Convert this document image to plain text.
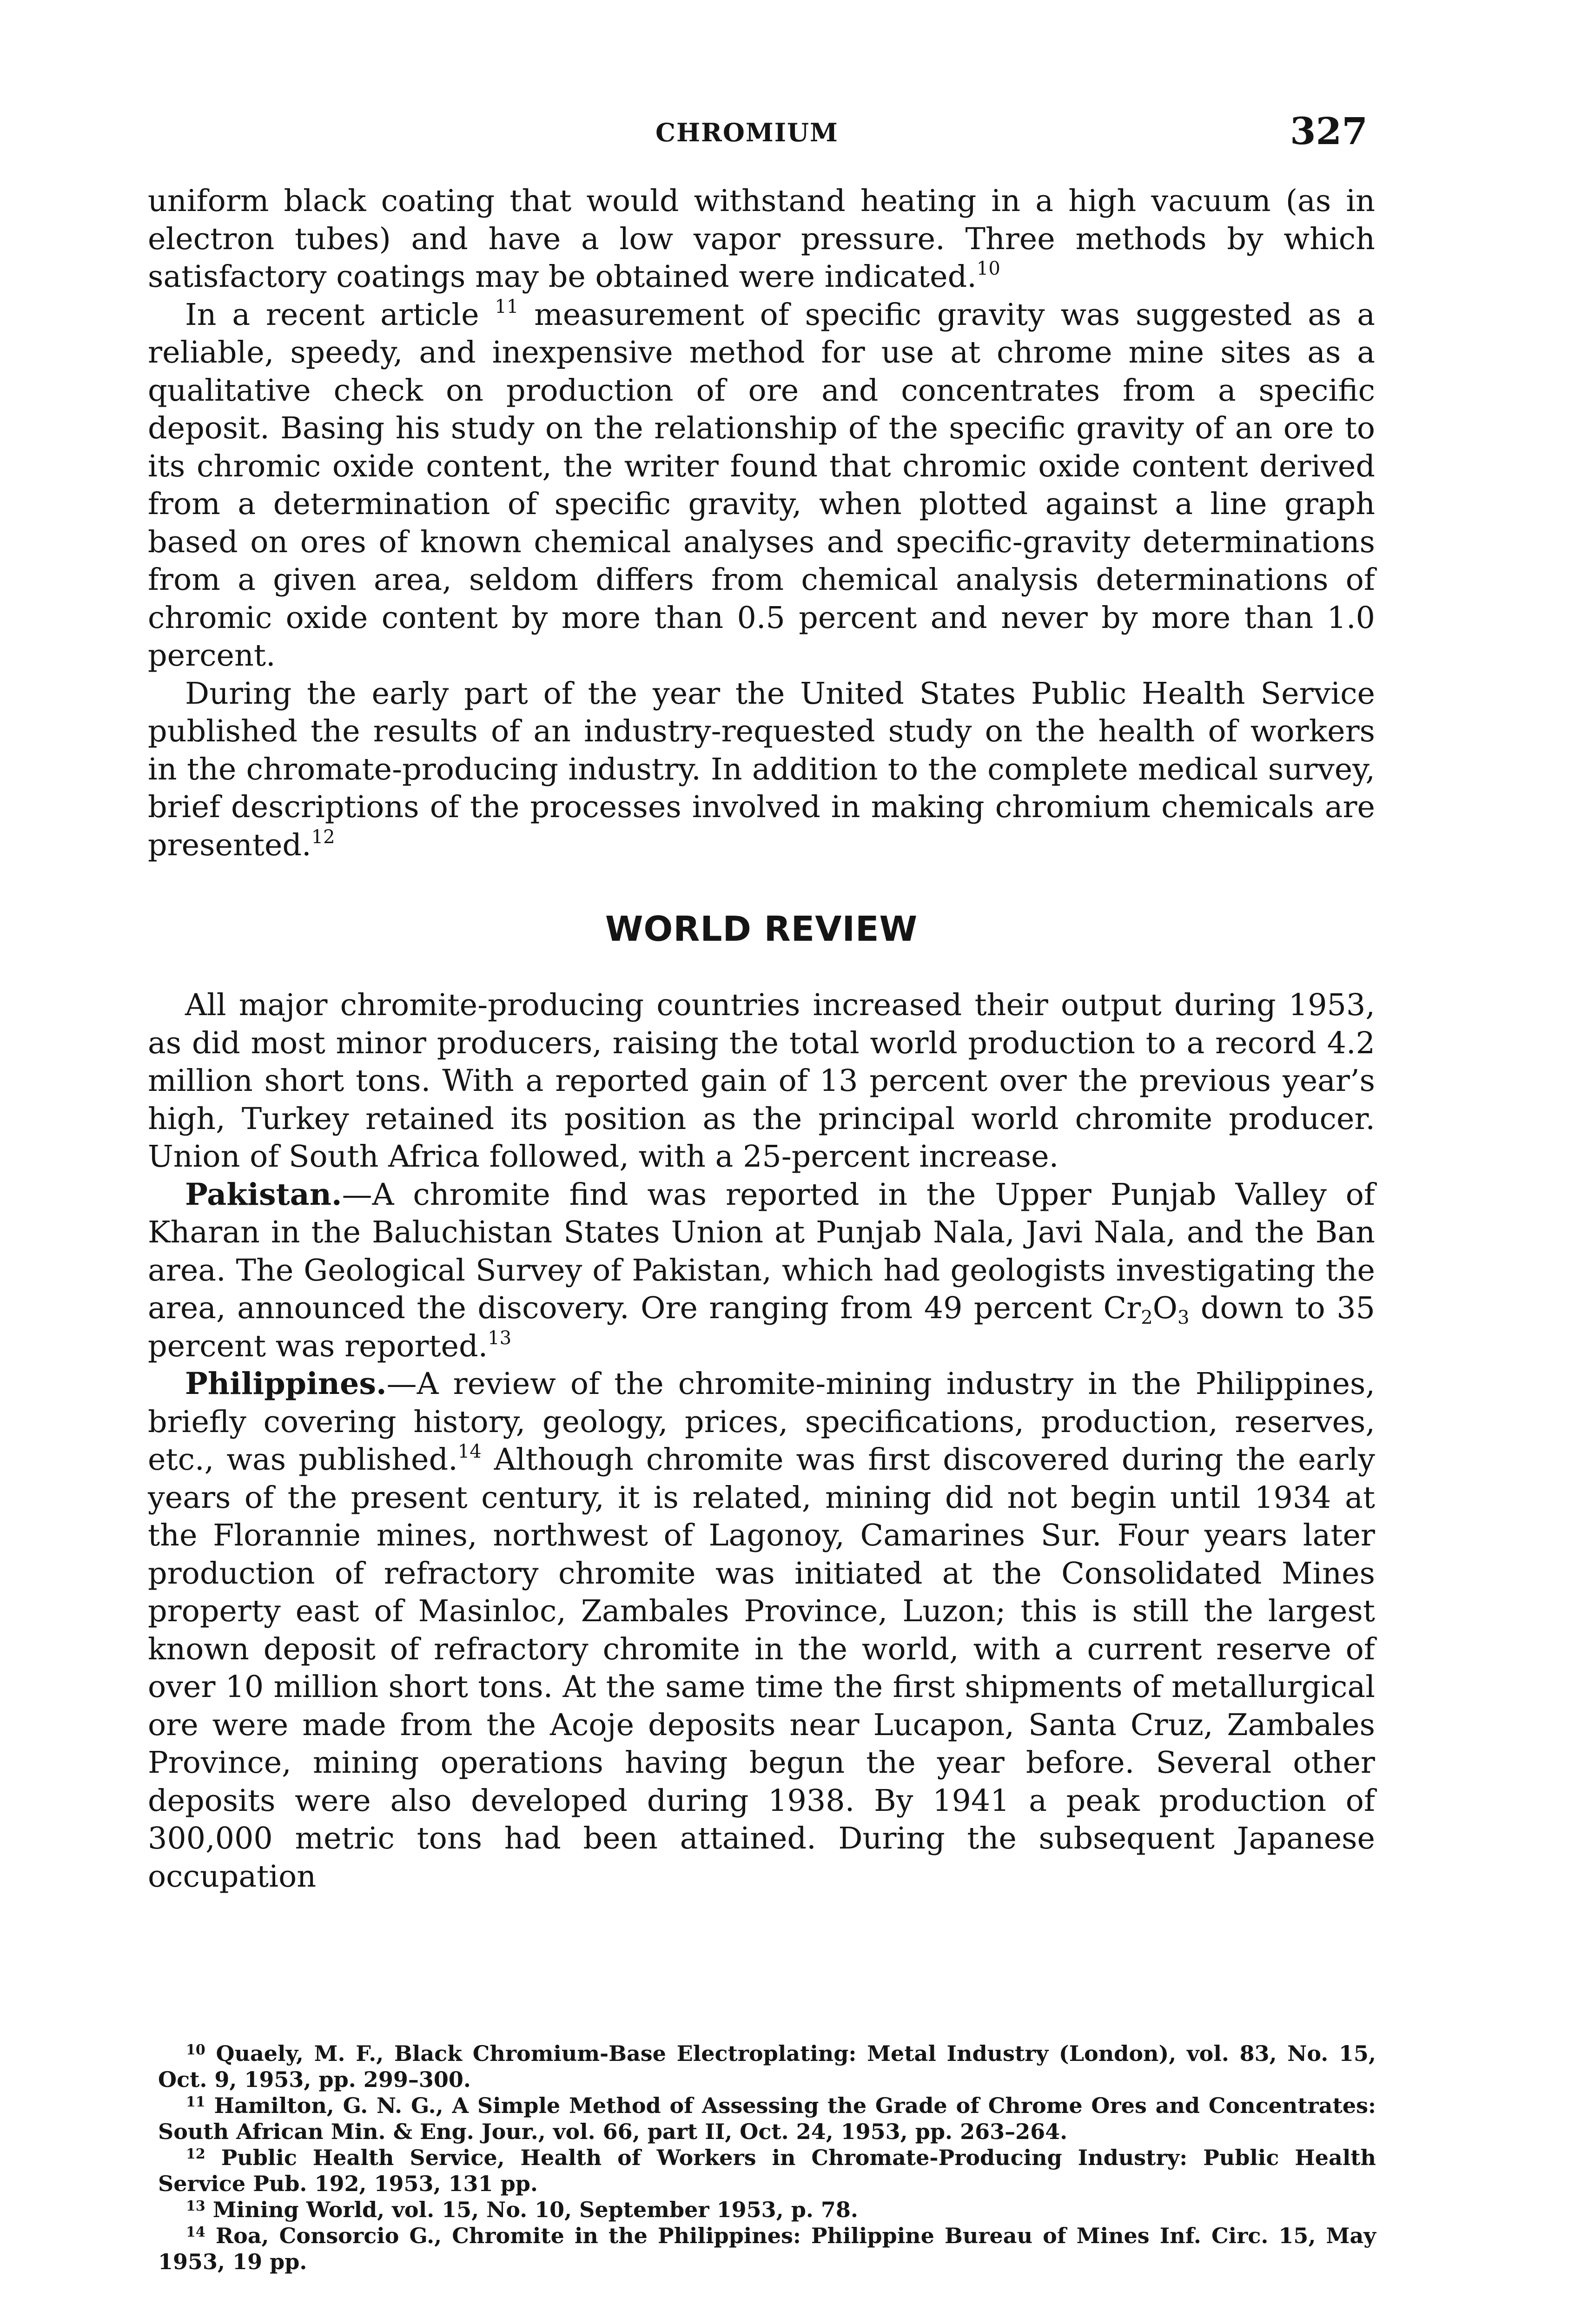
CHROMIUM	327

uniform black coating that would withstand heating in a high vacuum (as in electron tubes) and have a low vapor pressure. Three methods by which satisfactory coatings may be obtained were indicated.$^{10}$

In a recent article $^{11}$ measurement of specific gravity was suggested as a reliable, speedy, and inexpensive method for use at chrome mine sites as a qualitative check on production of ore and concentrates from a specific deposit. Basing his study on the relationship of the specific gravity of an ore to its chromic oxide content, the writer found that chromic oxide content derived from a determination of specific gravity, when plotted against a line graph based on ores of known chemical analyses and specific-gravity determinations from a given area, seldom differs from chemical analysis determinations of chromic oxide content by more than 0.5 percent and never by more than 1.0 percent.

During the early part of the year the United States Public Health Service published the results of an industry-requested study on the health of workers in the chromate-producing industry. In addition to the complete medical survey, brief descriptions of the processes involved in making chromium chemicals are presented.$^{12}$

WORLD REVIEW

All major chromite-producing countries increased their output during 1953, as did most minor producers, raising the total world production to a record 4.2 million short tons. With a reported gain of 13 percent over the previous year’s high, Turkey retained its position as the principal world chromite producer. Union of South Africa followed, with a 25-percent increase.

Pakistan.—A chromite find was reported in the Upper Punjab Valley of Kharan in the Baluchistan States Union at Punjab Nala, Javi Nala, and the Ban area. The Geological Survey of Pakistan, which had geologists investigating the area, announced the discovery. Ore ranging from 49 percent $Cr_2O_3$ down to 35 percent was reported.$^{13}$

Philippines.—A review of the chromite-mining industry in the Philippines, briefly covering history, geology, prices, specifications, production, reserves, etc., was published.$^{14}$ Although chromite was first discovered during the early years of the present century, it is related, mining did not begin until 1934 at the Florannie mines, northwest of Lagonoy, Camarines Sur. Four years later production of refractory chromite was initiated at the Consolidated Mines property east of Masinloc, Zambales Province, Luzon; this is still the largest known deposit of refractory chromite in the world, with a current reserve of over 10 million short tons. At the same time the first shipments of metallurgical ore were made from the Acoje deposits near Lucapon, Santa Cruz, Zambales Province, mining operations having begun the year before. Several other deposits were also developed during 1938. By 1941 a peak production of 300,000 metric tons had been attained. During the subsequent Japanese occupation

$^{10}$ Quaely, M. F., Black Chromium-Base Electroplating: Metal Industry (London), vol. 83, No. 15, Oct. 9, 1953, pp. 299–300.

$^{11}$ Hamilton, G. N. G., A Simple Method of Assessing the Grade of Chrome Ores and Concentrates: South African Min. & Eng. Jour., vol. 66, part II, Oct. 24, 1953, pp. 263–264.

$^{12}$ Public Health Service, Health of Workers in Chromate-Producing Industry: Public Health Service Pub. 192, 1953, 131 pp.

$^{13}$ Mining World, vol. 15, No. 10, September 1953, p. 78.

$^{14}$ Roa, Consorcio G., Chromite in the Philippines: Philippine Bureau of Mines Inf. Circ. 15, May 1953, 19 pp.
